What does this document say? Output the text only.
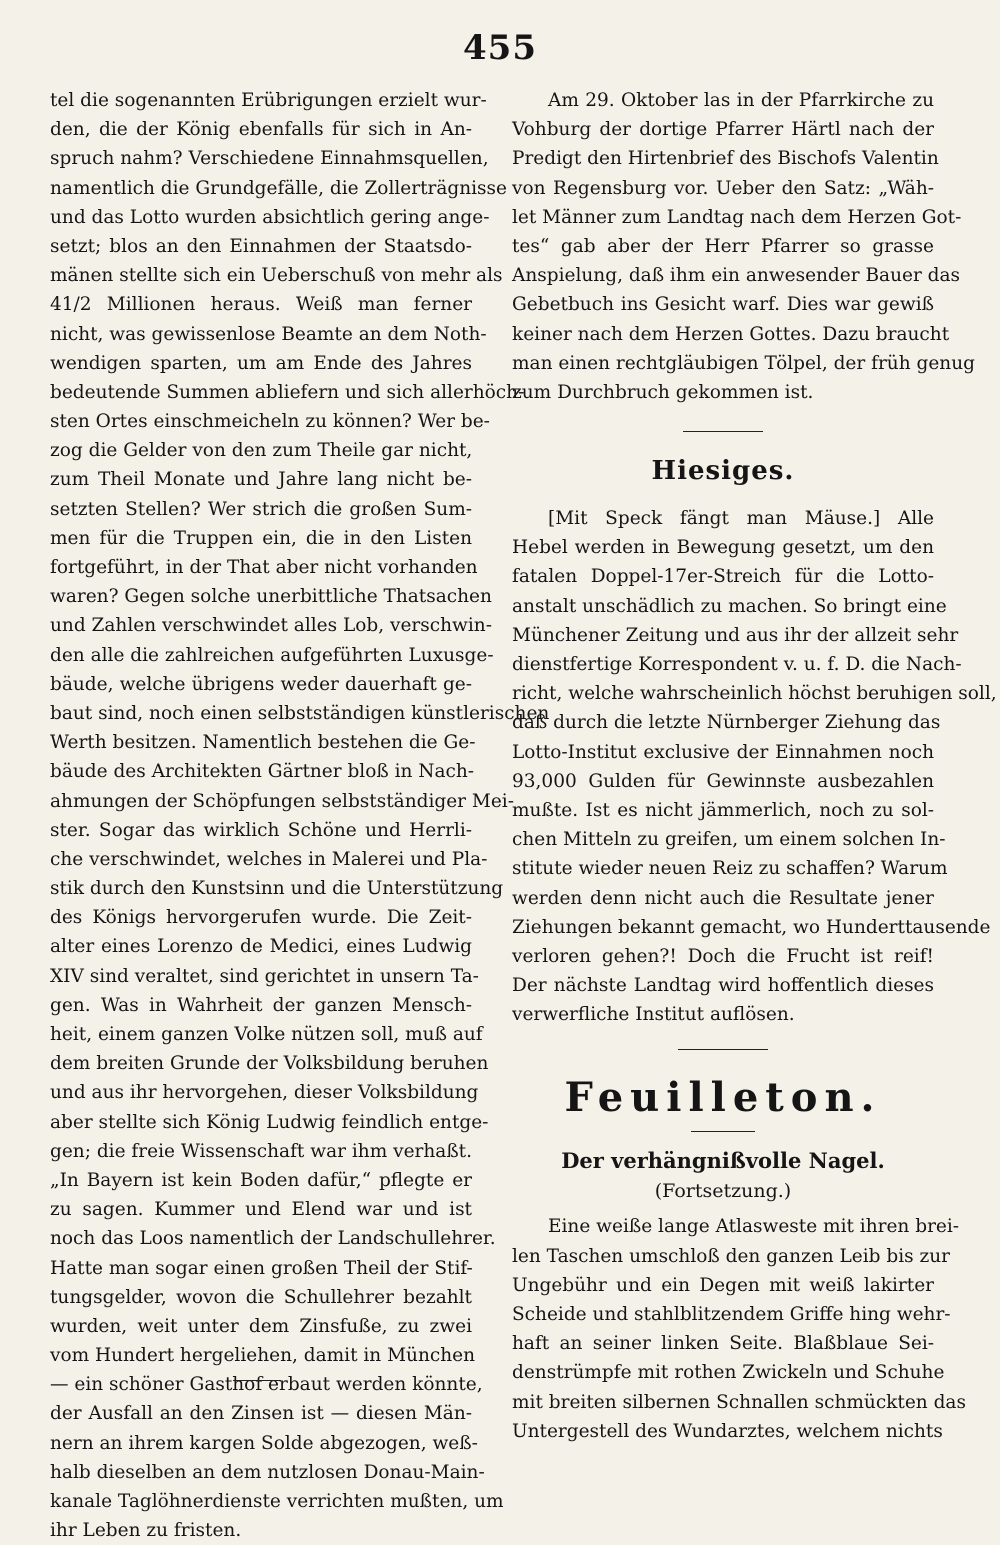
455
tel die sogenannten Erübrigungen erzielt wur-
den, die der König ebenfalls für sich in An-
spruch nahm? Verschiedene Einnahmsquellen,
namentlich die Grundgefälle, die Zollerträgnisse
und das Lotto wurden absichtlich gering ange-
setzt; blos an den Einnahmen der Staatsdo-
mänen stellte sich ein Ueberschuß von mehr als
41/2 Millionen heraus. Weiß man ferner
nicht, was gewissenlose Beamte an dem Noth-
wendigen sparten, um am Ende des Jahres
bedeutende Summen abliefern und sich allerhöch-
sten Ortes einschmeicheln zu können? Wer be-
zog die Gelder von den zum Theile gar nicht,
zum Theil Monate und Jahre lang nicht be-
setzten Stellen? Wer strich die großen Sum-
men für die Truppen ein, die in den Listen
fortgeführt, in der That aber nicht vorhanden
waren? Gegen solche unerbittliche Thatsachen
und Zahlen verschwindet alles Lob, verschwin-
den alle die zahlreichen aufgeführten Luxusge-
bäude, welche übrigens weder dauerhaft ge-
baut sind, noch einen selbstständigen künstlerischen
Werth besitzen. Namentlich bestehen die Ge-
bäude des Architekten Gärtner bloß in Nach-
ahmungen der Schöpfungen selbstständiger Mei-
ster. Sogar das wirklich Schöne und Herrli-
che verschwindet, welches in Malerei und Pla-
stik durch den Kunstsinn und die Unterstützung
des Königs hervorgerufen wurde. Die Zeit-
alter eines Lorenzo de Medici, eines Ludwig
XIV sind veraltet, sind gerichtet in unsern Ta-
gen. Was in Wahrheit der ganzen Mensch-
heit, einem ganzen Volke nützen soll, muß auf
dem breiten Grunde der Volksbildung beruhen
und aus ihr hervorgehen, dieser Volksbildung
aber stellte sich König Ludwig feindlich entge-
gen; die freie Wissenschaft war ihm verhaßt.
„In Bayern ist kein Boden dafür,“ pflegte er
zu sagen. Kummer und Elend war und ist
noch das Loos namentlich der Landschullehrer.
Hatte man sogar einen großen Theil der Stif-
tungsgelder, wovon die Schullehrer bezahlt
wurden, weit unter dem Zinsfuße, zu zwei
vom Hundert hergeliehen, damit in München
— ein schöner Gasthof erbaut werden könnte,
der Ausfall an den Zinsen ist — diesen Män-
nern an ihrem kargen Solde abgezogen, weß-
halb dieselben an dem nutzlosen Donau-Main-
kanale Taglöhnerdienste verrichten mußten, um
ihr Leben zu fristen.
Am 29. Oktober las in der Pfarrkirche zu
Vohburg der dortige Pfarrer Härtl nach der
Predigt den Hirtenbrief des Bischofs Valentin
von Regensburg vor. Ueber den Satz: „Wäh-
let Männer zum Landtag nach dem Herzen Got-
tes“ gab aber der Herr Pfarrer so grasse
Anspielung, daß ihm ein anwesender Bauer das
Gebetbuch ins Gesicht warf. Dies war gewiß
keiner nach dem Herzen Gottes. Dazu braucht
man einen rechtgläubigen Tölpel, der früh genug
zum Durchbruch gekommen ist.
Hiesiges.
[Mit Speck fängt man Mäuse.] Alle
Hebel werden in Bewegung gesetzt, um den
fatalen Doppel-17er-Streich für die Lotto-
anstalt unschädlich zu machen. So bringt eine
Münchener Zeitung und aus ihr der allzeit sehr
dienstfertige Korrespondent v. u. f. D. die Nach-
richt, welche wahrscheinlich höchst beruhigen soll,
daß durch die letzte Nürnberger Ziehung das
Lotto-Institut exclusive der Einnahmen noch
93,000 Gulden für Gewinnste ausbezahlen
mußte. Ist es nicht jämmerlich, noch zu sol-
chen Mitteln zu greifen, um einem solchen In-
stitute wieder neuen Reiz zu schaffen? Warum
werden denn nicht auch die Resultate jener
Ziehungen bekannt gemacht, wo Hunderttausende
verloren gehen?! Doch die Frucht ist reif!
Der nächste Landtag wird hoffentlich dieses
verwerfliche Institut auflösen.
Feuilleton.
Der verhängnißvolle Nagel.
(Fortsetzung.)
Eine weiße lange Atlasweste mit ihren brei-
len Taschen umschloß den ganzen Leib bis zur
Ungebühr und ein Degen mit weiß lakirter
Scheide und stahlblitzendem Griffe hing wehr-
haft an seiner linken Seite. Blaßblaue Sei-
denstrümpfe mit rothen Zwickeln und Schuhe
mit breiten silbernen Schnallen schmückten das
Untergestell des Wundarztes, welchem nichts
